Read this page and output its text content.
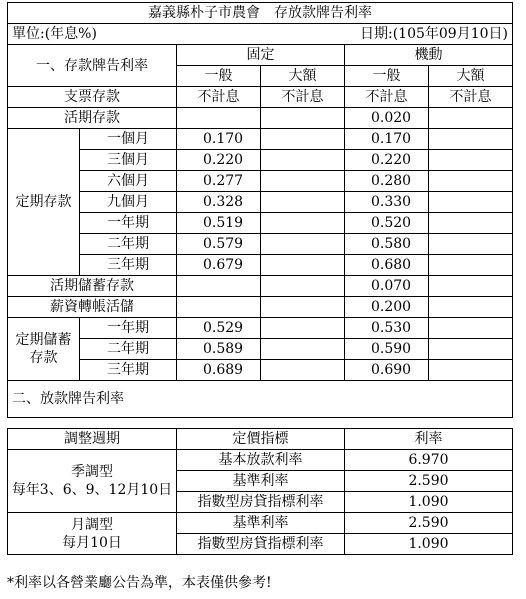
嘉義縣朴子市農會　存放款牌告利率					
單位:(年息%)			日期:(105年09月10日)		
一、存款牌告利率		固定		機動	
		一般	大額	一般	大額
支票存款		不計息	不計息	不計息	不計息
活期存款				0.020	
定期存款	一個月	0.170		0.170	
	三個月	0.220		0.220	
	六個月	0.277		0.280	
	九個月	0.328		0.330	
	一年期	0.519		0.520	
	二年期	0.579		0.580	
	三年期	0.679		0.680	
活期儲蓄存款				0.070	
薪資轉帳活儲				0.200	

定期儲蓄
存款	一年期	0.529		0.530	
	二年期	0.589		0.590	
	三年期	0.689		0.690	
二、放款牌告利率					
調整週期	定價指標	利率

季調型
每年3、6、9、12月10日	基本放款利率	6.970
	基準利率	2.590
	指數型房貸指標利率	1.090

月調型
每月10日	基準利率	2.590
	指數型房貸指標利率	1.090
*利率以各營業廳公告為準，本表僅供參考!
